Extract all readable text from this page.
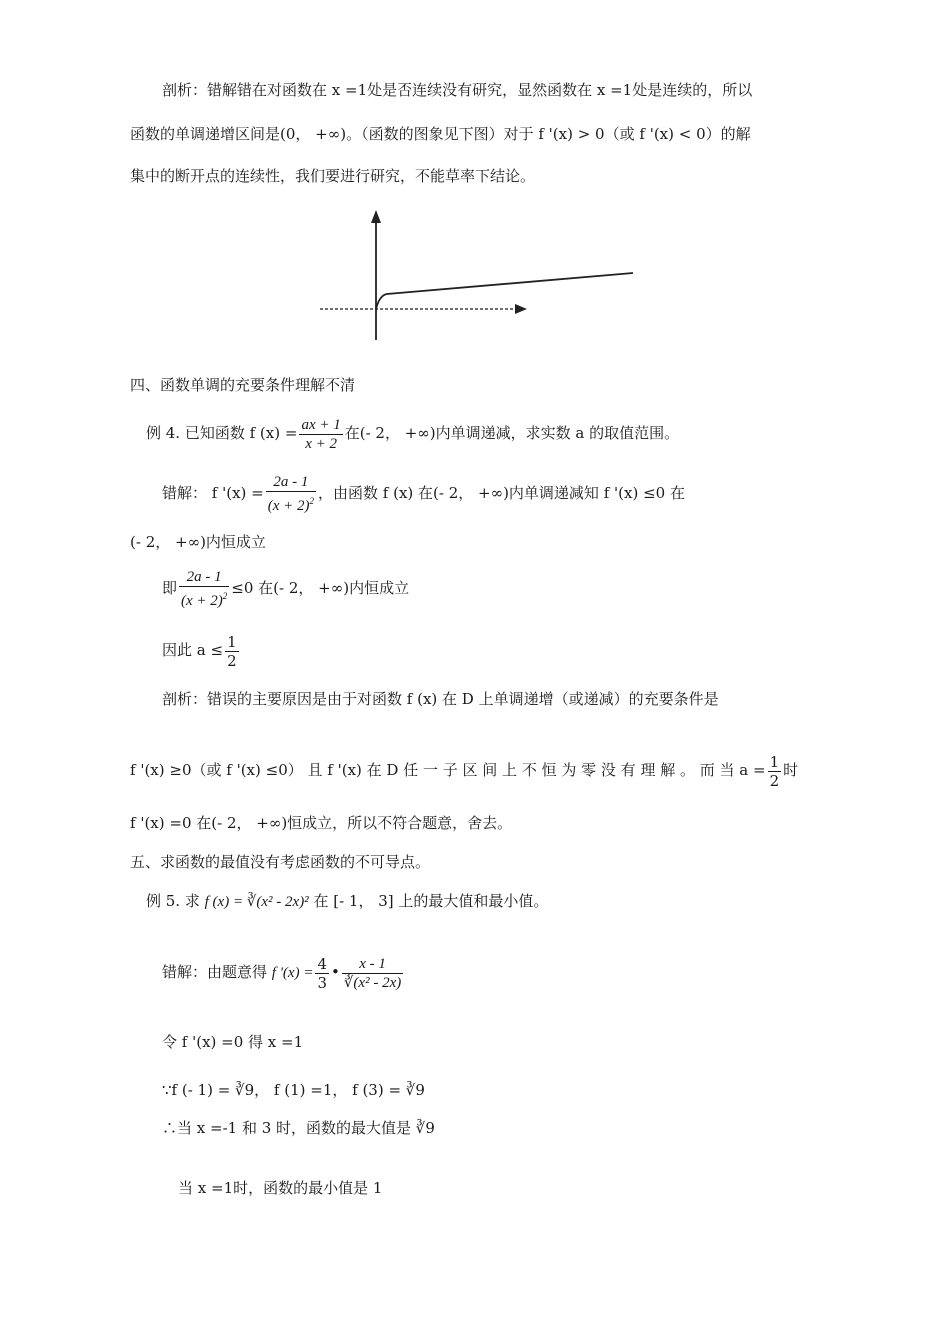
剖析：错解错在对函数在 x =1处是否连续没有研究，显然函数在 x =1处是连续的，所以
函数的单调递增区间是(0， +∞)。（函数的图象见下图）对于 f '(x) > 0（或 f '(x) < 0）的解
集中的断开点的连续性，我们要进行研究，不能草率下结论。
四、函数单调的充要条件理解不清
例 4. 已知函数 f $(x) = \frac{ax + 1}{x + 2}$ 在(- 2， +∞)内单调递减，求实数 a 的取值范围。
错解： f '$(x) = \frac{2a - 1}{(x + 2)^2}$ ，由函数 f (x) 在(- 2， +∞)内单调递减知 f '(x) ≤0 在
(- 2， +∞)内恒成立
即 $\frac{2a - 1}{(x + 2)^2} \le 0$ 在(- 2， +∞)内恒成立
因此 $a \le \frac{1}{2}$
剖析：错误的主要原因是由于对函数 f (x) 在 D 上单调递增（或递减）的充要条件是
f '(x) ≥0（或 f '(x) ≤0） 且 f '(x) 在 D 任 一 子 区 间 上 不 恒 为 零 没 有 理 解 。 而 当 $a = \frac{1}{2}$ 时
f '(x) =0 在(- 2， +∞)恒成立，所以不符合题意，舍去。
五、求函数的最值没有考虑函数的不可导点。
例 5. 求 f (x) = ∛(x² - 2x)² 在 [- 1， 3] 上的最大值和最小值。
错解：由题意得 f '$(x) = \frac{4}{3}$ • $\frac{x - 1}{\text{∛(x² - 2x)}}$
令 f '(x) =0 得 x =1
∵f (- 1) = ∛9， f (1) =1， f (3) = ∛9
∴当 x =-1 和 3 时，函数的最大值是 ∛9
当 x =1时，函数的最小值是 1
